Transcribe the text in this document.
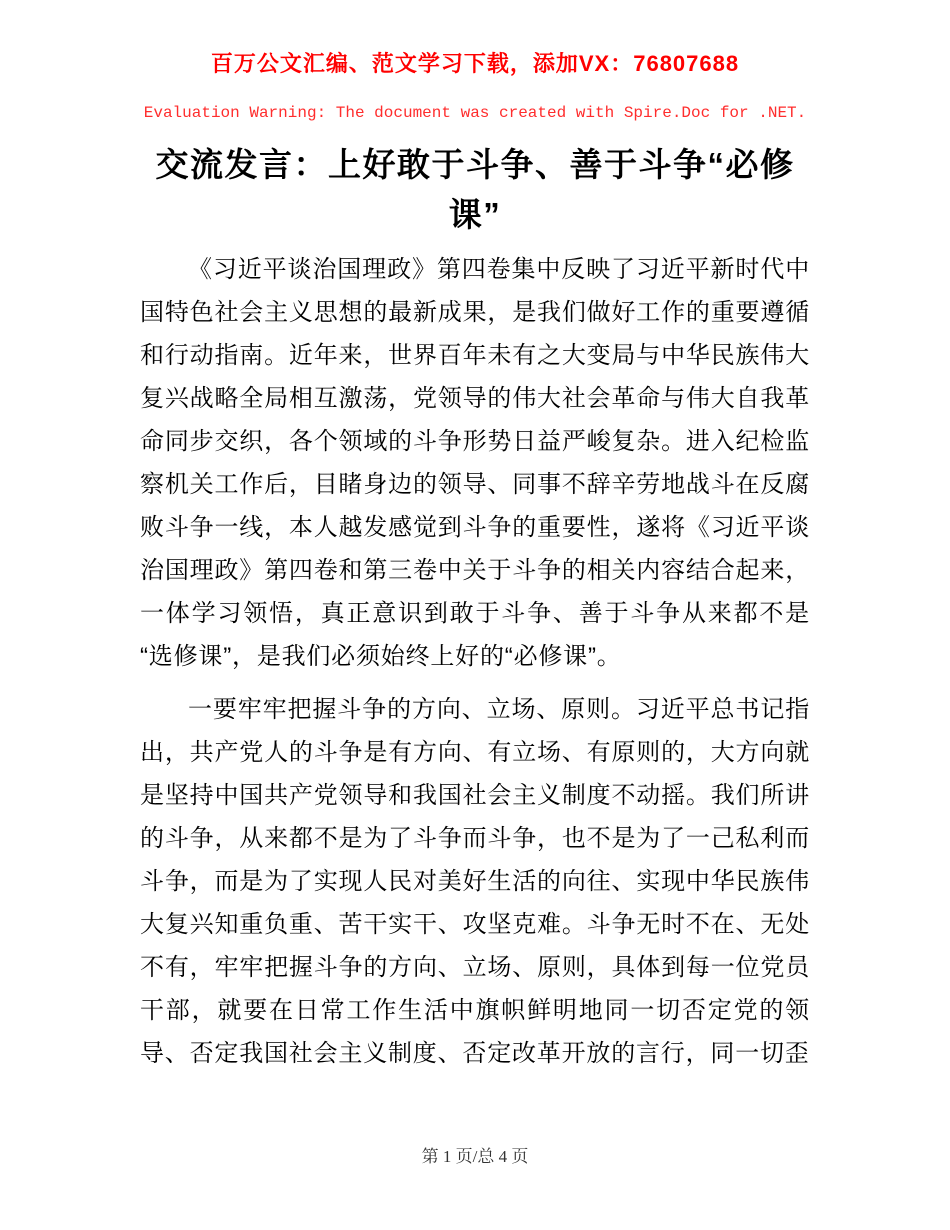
百万公文汇编、范文学习下载，添加VX：76807688
Evaluation Warning: The document was created with Spire.Doc for .NET.
交流发言：上好敢于斗争、善于斗争“必修课”

《习近平谈治国理政》第四卷集中反映了习近平新时代中国特色社会主义思想的最新成果，是我们做好工作的重要遵循和行动指南。近年来，世界百年未有之大变局与中华民族伟大复兴战略全局相互激荡，党领导的伟大社会革命与伟大自我革命同步交织，各个领域的斗争形势日益严峻复杂。进入纪检监察机关工作后，目睹身边的领导、同事不辞辛劳地战斗在反腐败斗争一线，本人越发感觉到斗争的重要性，遂将《习近平谈治国理政》第四卷和第三卷中关于斗争的相关内容结合起来，一体学习领悟，真正意识到敢于斗争、善于斗争从来都不是“选修课”，是我们必须始终上好的“必修课”。

一要牢牢把握斗争的方向、立场、原则。习近平总书记指出，共产党人的斗争是有方向、有立场、有原则的，大方向就是坚持中国共产党领导和我国社会主义制度不动摇。我们所讲的斗争，从来都不是为了斗争而斗争，也不是为了一己私利而斗争，而是为了实现人民对美好生活的向往、实现中华民族伟大复兴知重负重、苦干实干、攻坚克难。斗争无时不在、无处不有，牢牢把握斗争的方向、立场、原则，具体到每一位党员干部，就要在日常工作生活中旗帜鲜明地同一切否定党的领导、否定我国社会主义制度、否定改革开放的言行，同一切歪

第 1 页/总 4 页
